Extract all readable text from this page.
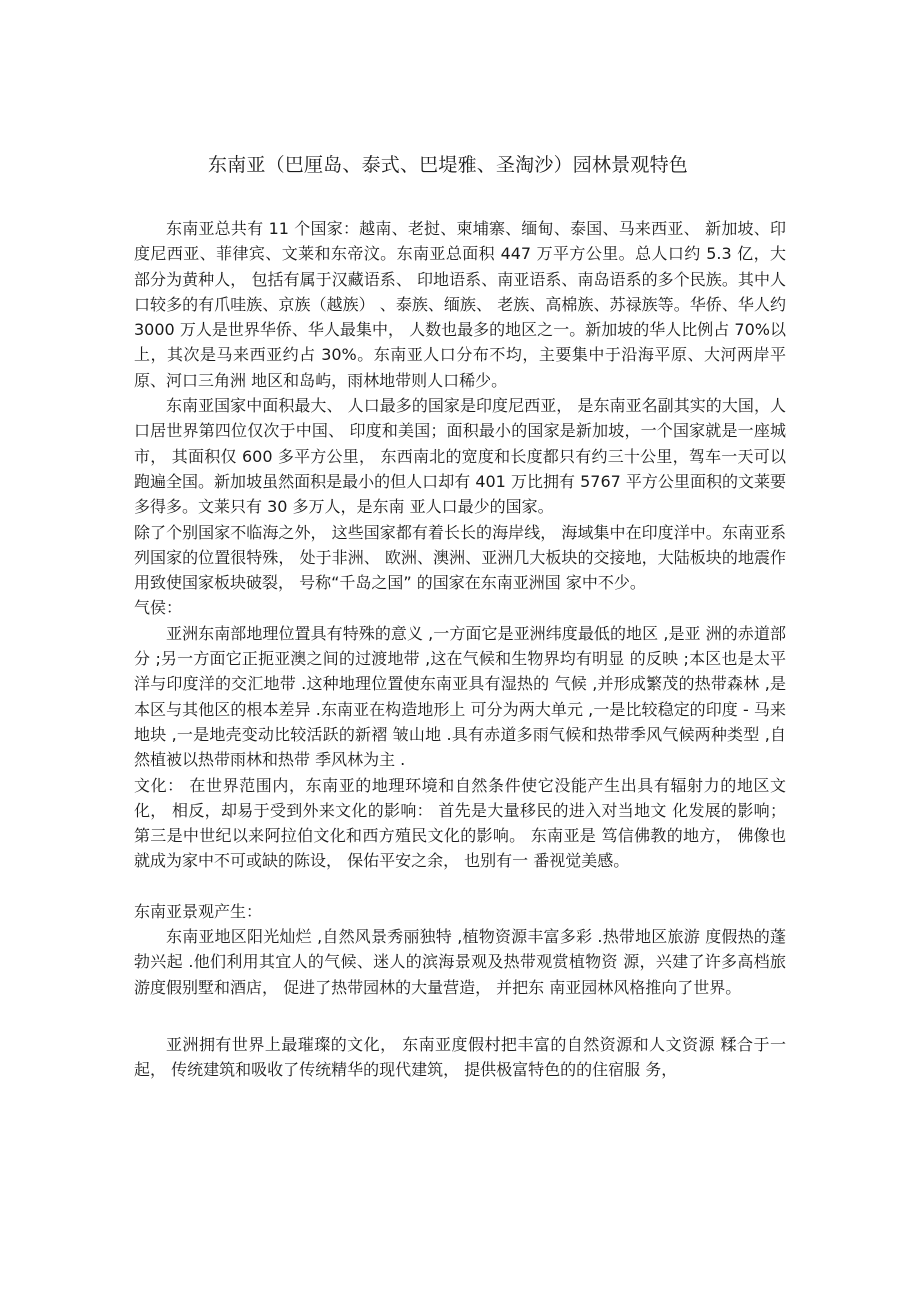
东南亚（巴厘岛、泰式、巴堤雅、圣淘沙）园林景观特色

东南亚总共有 11 个国家：越南、老挝、柬埔寨、缅甸、泰国、马来西亚、 新加坡、印度尼西亚、菲律宾、文莱和东帝汶。东南亚总面积 447 万平方公里。总人口约 5.3 亿，大部分为黄种人， 包括有属于汉藏语系、 印地语系、南亚语系、南岛语系的多个民族。其中人口较多的有爪哇族、京族（越族） 、泰族、缅族、 老族、高棉族、苏禄族等。华侨、华人约 3000 万人是世界华侨、华人最集中， 人数也最多的地区之一。新加坡的华人比例占 70%以上，其次是马来西亚约占 30%。东南亚人口分布不均，主要集中于沿海平原、大河两岸平原、河口三角洲 地区和岛屿，雨林地带则人口稀少。

东南亚国家中面积最大、 人口最多的国家是印度尼西亚， 是东南亚名副其实的大国，人口居世界第四位仅次于中国、 印度和美国；面积最小的国家是新加坡，一个国家就是一座城市， 其面积仅 600 多平方公里， 东西南北的宽度和长度都只有约三十公里，驾车一天可以跑遍全国。新加坡虽然面积是最小的但人口却有 401 万比拥有 5767 平方公里面积的文莱要多得多。文莱只有 30 多万人，是东南 亚人口最少的国家。

除了个别国家不临海之外， 这些国家都有着长长的海岸线， 海域集中在印度洋中。东南亚系列国家的位置很特殊， 处于非洲、 欧洲、澳洲、亚洲几大板块的交接地，大陆板块的地震作用致使国家板块破裂， 号称“千岛之国” 的国家在东南亚洲国 家中不少。

气侯：

亚洲东南部地理位置具有特殊的意义 ,一方面它是亚洲纬度最低的地区 ,是亚 洲的赤道部分 ;另一方面它正扼亚澳之间的过渡地带 ,这在气候和生物界均有明显 的反映 ;本区也是太平洋与印度洋的交汇地带 .这种地理位置使东南亚具有湿热的 气候 ,并形成繁茂的热带森林 ,是本区与其他区的根本差异 .东南亚在构造地形上 可分为两大单元 ,一是比较稳定的印度 - 马来地块 ,一是地壳变动比较活跃的新褶 皱山地 .具有赤道多雨气候和热带季风气候两种类型 ,自然植被以热带雨林和热带 季风林为主 .

文化： 在世界范围内，东南亚的地理环境和自然条件使它没能产生出具有辐射力的地区文化， 相反，却易于受到外来文化的影响： 首先是大量移民的进入对当地文 化发展的影响； 第三是中世纪以来阿拉伯文化和西方殖民文化的影响。 东南亚是 笃信佛教的地方， 佛像也就成为家中不可或缺的陈设， 保佑平安之余， 也别有一 番视觉美感。

东南亚景观产生：

东南亚地区阳光灿烂 ,自然风景秀丽独特 ,植物资源丰富多彩 .热带地区旅游 度假热的蓬勃兴起 .他们利用其宜人的气候、迷人的滨海景观及热带观赏植物资 源，兴建了许多高档旅游度假别墅和酒店， 促进了热带园林的大量营造， 并把东 南亚园林风格推向了世界。

亚洲拥有世界上最璀璨的文化， 东南亚度假村把丰富的自然资源和人文资源 糅合于一起， 传统建筑和吸收了传统精华的现代建筑， 提供极富特色的的住宿服 务，
